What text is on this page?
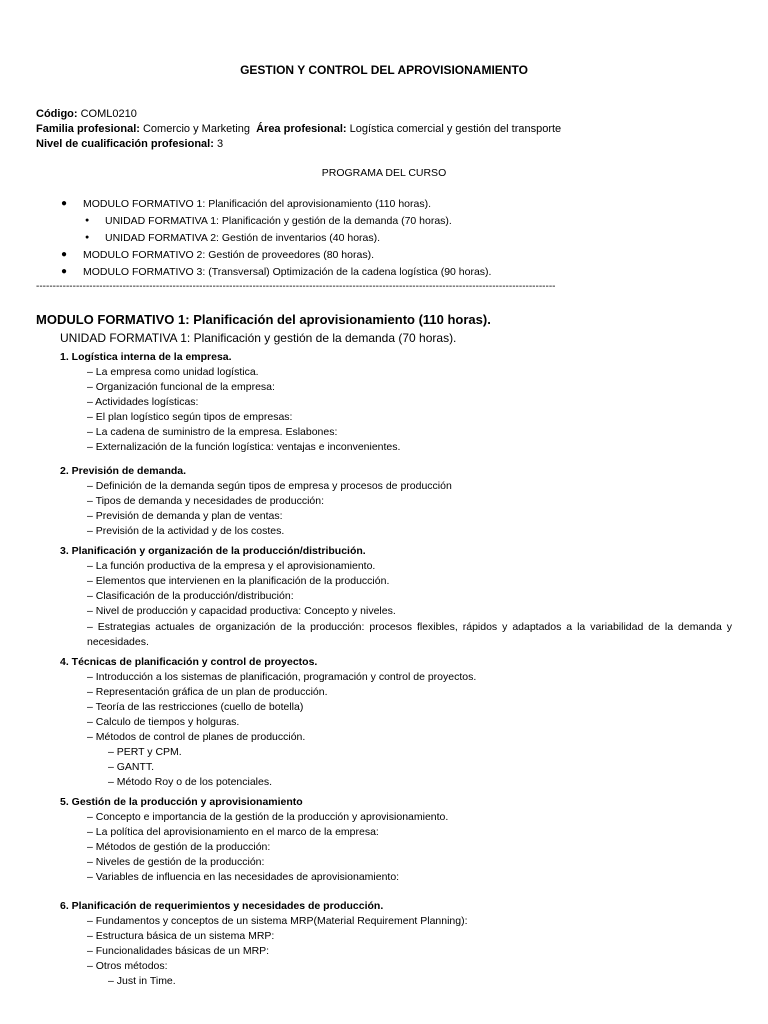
GESTION Y CONTROL DEL APROVISIONAMIENTO
Código: COML0210
Familia profesional: Comercio y Marketing Área profesional: Logística comercial y gestión del transporte
Nivel de cualificación profesional: 3
PROGRAMA DEL CURSO
● MODULO FORMATIVO 1: Planificación del aprovisionamiento (110 horas).
● UNIDAD FORMATIVA 1: Planificación y gestión de la demanda (70 horas).
● UNIDAD FORMATIVA 2: Gestión de inventarios (40 horas).
● MODULO FORMATIVO 2: Gestión de proveedores (80 horas).
● MODULO FORMATIVO 3: (Transversal) Optimización de la cadena logística (90 horas).
------------------------------------------------------------------------------------------------------------------------------------------------------------
MODULO FORMATIVO 1: Planificación del aprovisionamiento (110 horas).
UNIDAD FORMATIVA 1: Planificación y gestión de la demanda (70 horas).
1. Logística interna de la empresa.
– La empresa como unidad logística.
– Organización funcional de la empresa:
– Actividades logísticas:
– El plan logístico según tipos de empresas:
– La cadena de suministro de la empresa. Eslabones:
– Externalización de la función logística: ventajas e inconvenientes.
2. Previsión de demanda.
– Definición de la demanda según tipos de empresa y procesos de producción
– Tipos de demanda y necesidades de producción:
– Previsión de demanda y plan de ventas:
– Previsión de la actividad y de los costes.
3. Planificación y organización de la producción/distribución.
– La función productiva de la empresa y el aprovisionamiento.
– Elementos que intervienen en la planificación de la producción.
– Clasificación de la producción/distribución:
– Nivel de producción y capacidad productiva: Concepto y niveles.
– Estrategias actuales de organización de la producción: procesos flexibles, rápidos y adaptados a la variabilidad de la demanda y necesidades.
4. Técnicas de planificación y control de proyectos.
– Introducción a los sistemas de planificación, programación y control de proyectos.
– Representación gráfica de un plan de producción.
– Teoría de las restricciones (cuello de botella)
– Calculo de tiempos y holguras.
– Métodos de control de planes de producción.
– PERT y CPM.
– GANTT.
– Método Roy o de los potenciales.
5. Gestión de la producción y aprovisionamiento
– Concepto e importancia de la gestión de la producción y aprovisionamiento.
– La política del aprovisionamiento en el marco de la empresa:
– Métodos de gestión de la producción:
– Niveles de gestión de la producción:
– Variables de influencia en las necesidades de aprovisionamiento:
6. Planificación de requerimientos y necesidades de producción.
– Fundamentos y conceptos de un sistema MRP(Material Requirement Planning):
– Estructura básica de un sistema MRP:
– Funcionalidades básicas de un MRP:
– Otros métodos:
– Just in Time.
